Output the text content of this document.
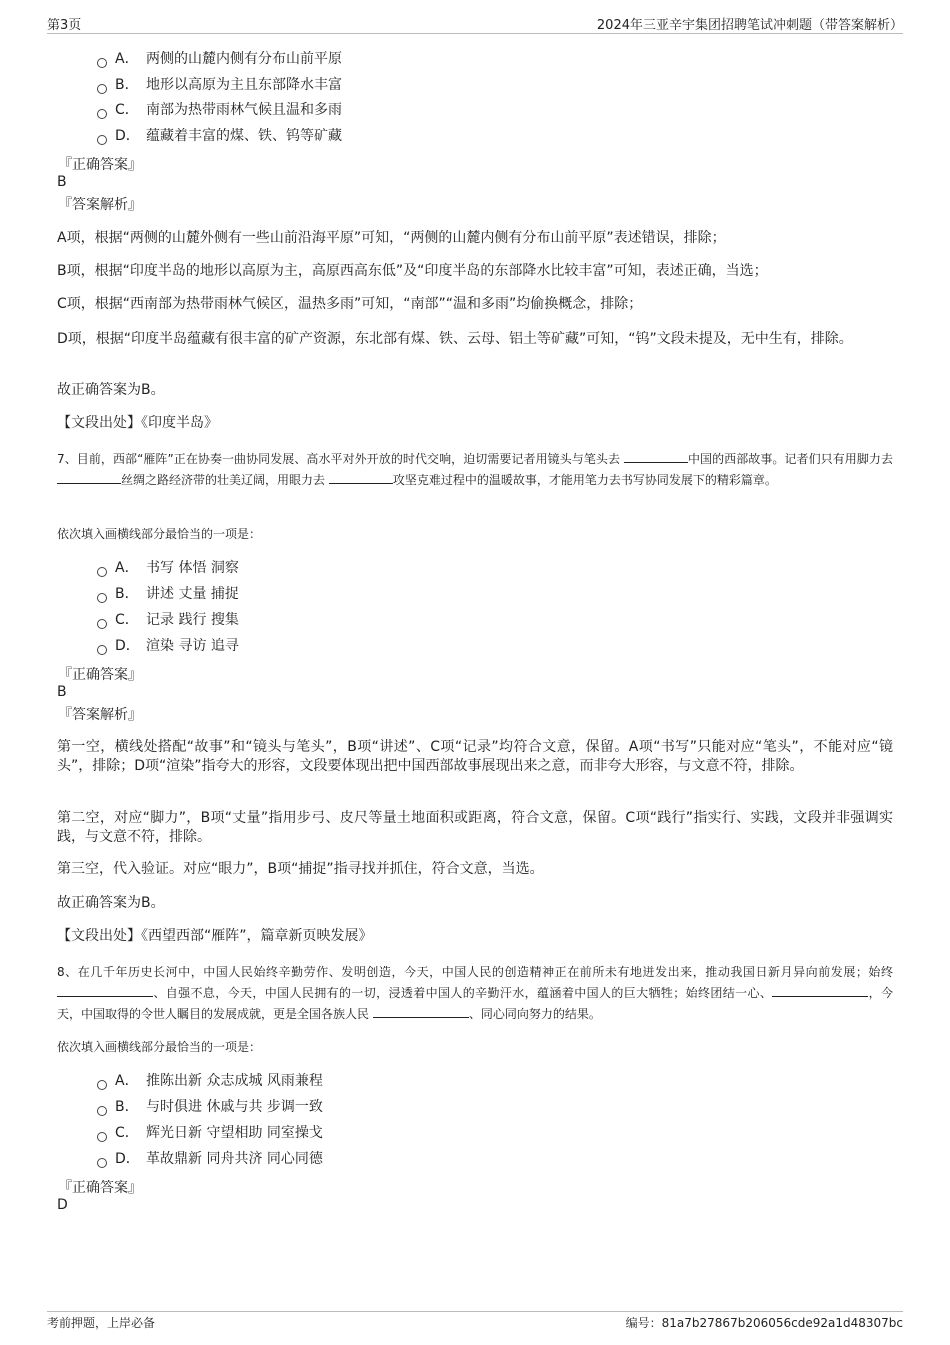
第3页	2024年三亚辛宇集团招聘笔试冲刺题（带答案解析）
A． 两侧的山麓内侧有分布山前平原
B． 地形以高原为主且东部降水丰富
C． 南部为热带雨林气候且温和多雨
D． 蕴藏着丰富的煤、铁、钨等矿藏
『正确答案』
B
『答案解析』
A项，根据“两侧的山麓外侧有一些山前沿海平原”可知，“两侧的山麓内侧有分布山前平原”表述错误，排除；
B项，根据“印度半岛的地形以高原为主，高原西高东低”及“印度半岛的东部降水比较丰富”可知，表述正确，当选；
C项，根据“西南部为热带雨林气候区，温热多雨”可知，“南部”“温和多雨”均偷换概念，排除；
D项，根据“印度半岛蕴藏有很丰富的矿产资源，东北部有煤、铁、云母、铝土等矿藏”可知，“钨”文段未提及，无中生有，排除。
故正确答案为B。
【文段出处】《印度半岛》
7、目前，西部“雁阵”正在协奏一曲协同发展、高水平对外开放的时代交响，迫切需要记者用镜头与笔头去	中国的西部故事。记者们只有用脚力去 丝绸之路经济带的壮美辽阔，用眼力去	攻坚克难过程中的温暖故事，才能用笔力去书写协同发展下的精彩篇章。
依次填入画横线部分最恰当的一项是：
A． 书写 体悟 洞察
B． 讲述 丈量 捕捉
C． 记录 践行 搜集
D． 渲染 寻访 追寻
『正确答案』
B
『答案解析』
第一空，横线处搭配“故事”和“镜头与笔头”，B项“讲述”、C项“记录”均符合文意，保留。A项“书写”只能对应“笔头”，不能对应“镜头”，排除；D项“渲染”指夸大的形容，文段要体现出把中国西部故事展现出来之意，而非夸大形容，与文意不符，排除。
第二空，对应“脚力”，B项“丈量”指用步弓、皮尺等量土地面积或距离，符合文意，保留。C项“践行”指实行、实践，文段并非强调实践，与文意不符，排除。
第三空，代入验证。对应“眼力”，B项“捕捉”指寻找并抓住，符合文意，当选。
故正确答案为B。
【文段出处】《西望西部“雁阵”，篇章新页映发展》
8、在几千年历史长河中，中国人民始终辛勤劳作、发明创造，今天，中国人民的创造精神正在前所未有地迸发出来，推动我国日新月异向前发展；始终 、自强不息，今天，中国人民拥有的一切，浸透着中国人的辛勤汗水，蕴涵着中国人的巨大牺牲；始终团结一心、	，今天，中国取得的令世人瞩目的发展成就，更是全国各族人民	、同心同向努力的结果。
依次填入画横线部分最恰当的一项是：
A． 推陈出新 众志成城 风雨兼程
B． 与时俱进 休戚与共 步调一致
C． 辉光日新 守望相助 同室操戈
D． 革故鼎新 同舟共济 同心同德
『正确答案』
D
考前押题，上岸必备	编号：81a7b27867b206056cde92a1d48307bc
